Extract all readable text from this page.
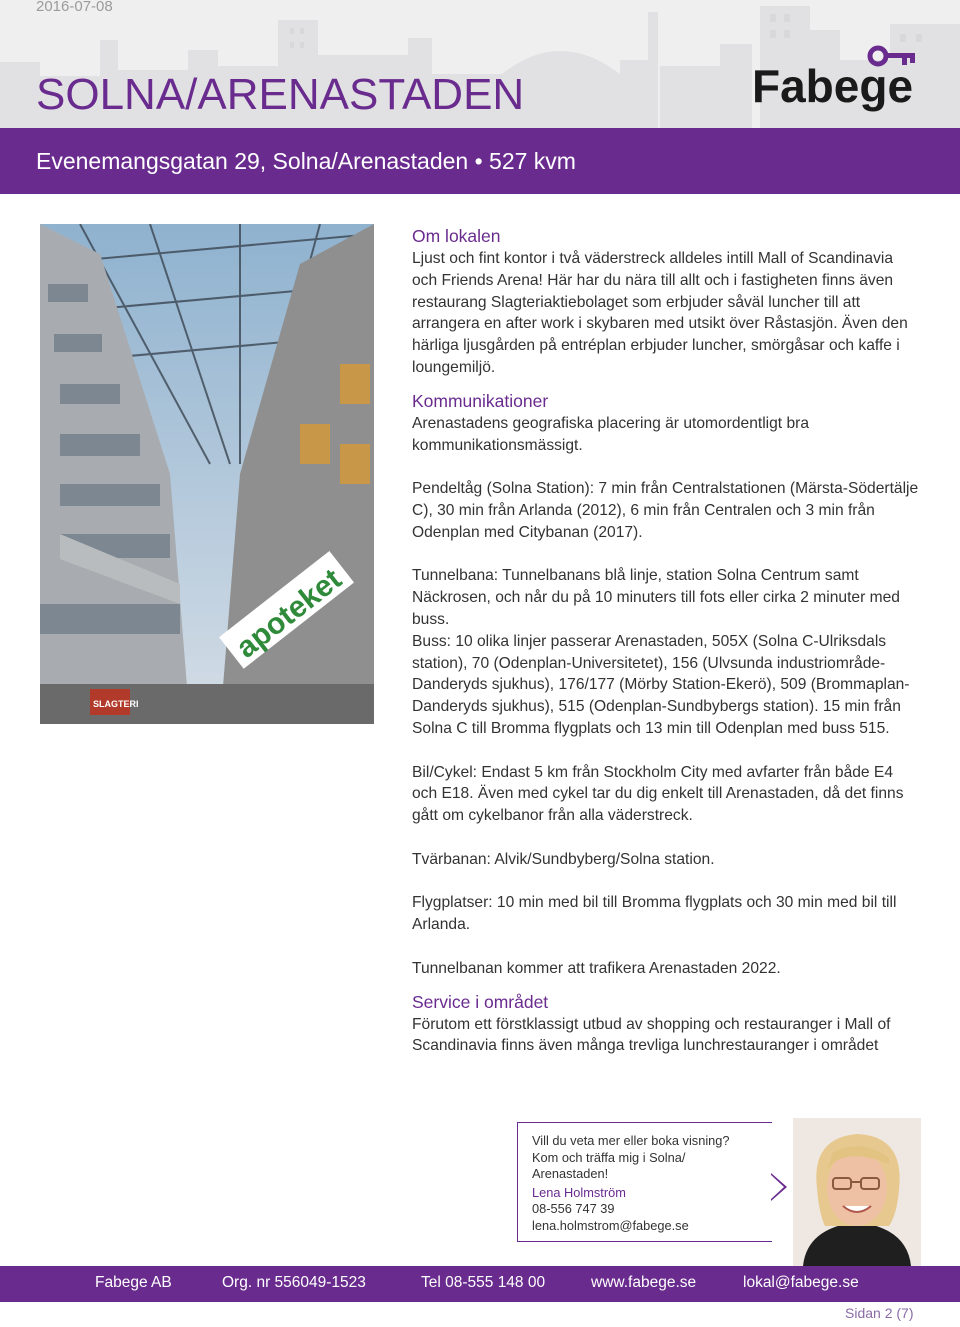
2016-07-08
SOLNA/ARENASTADEN	Fabege
Evenemangsgatan 29, Solna/Arenastaden • 527 kvm
apoteket
SLAGTERI
Om lokalen

Ljust och fint kontor i två väderstreck alldeles intill Mall of Scandinavia och Friends Arena! Här har du nära till allt och i fastigheten finns även restaurang Slagteriaktiebolaget som erbjuder såväl luncher till att arrangera en after work i skybaren med utsikt över Råstasjön. Även den härliga ljusgården på entréplan erbjuder luncher, smörgåsar och kaffe i loungemiljö.

Kommunikationer

Arenastadens geografiska placering är utomordentligt bra kommunikationsmässigt.

Pendeltåg (Solna Station): 7 min från Centralstationen (Märsta-Södertälje C), 30 min från Arlanda (2012), 6 min från Centralen och 3 min från Odenplan med Citybanan (2017).

Tunnelbana: Tunnelbanans blå linje, station Solna Centrum samt Näckrosen, och når du på 10 minuters till fots eller cirka 2 minuter med buss.

Buss: 10 olika linjer passerar Arenastaden, 505X (Solna C-Ulriksdals station), 70 (Odenplan-Universitetet), 156 (Ulvsunda industriområde-Danderyds sjukhus), 176/177 (Mörby Station-Ekerö), 509 (Brommaplan-Danderyds sjukhus), 515 (Odenplan-Sundbybergs station). 15 min från Solna C till Bromma flygplats och 13 min till Odenplan med buss 515.

Bil/Cykel: Endast 5 km från Stockholm City med avfarter från både E4 och E18. Även med cykel tar du dig enkelt till Arenastaden, då det finns gått om cykelbanor från alla väderstreck.

Tvärbanan: Alvik/Sundbyberg/Solna station.

Flygplatser: 10 min med bil till Bromma flygplats och 30 min med bil till Arlanda.

Tunnelbanan kommer att trafikera Arenastaden 2022.

Service i området

Förutom ett förstklassigt utbud av shopping och restauranger i Mall of Scandinavia finns även många trevliga lunchrestauranger i området

Vill du veta mer eller boka visning?
Kom och träffa mig i Solna/
Arenastaden!
Lena Holmström
08-556 747 39
lena.holmstrom@fabege.se
Fabege AB	Org. nr 556049-1523	Tel 08-555 148 00	www.fabege.se	lokal@fabege.se
Sidan 2 (7)
